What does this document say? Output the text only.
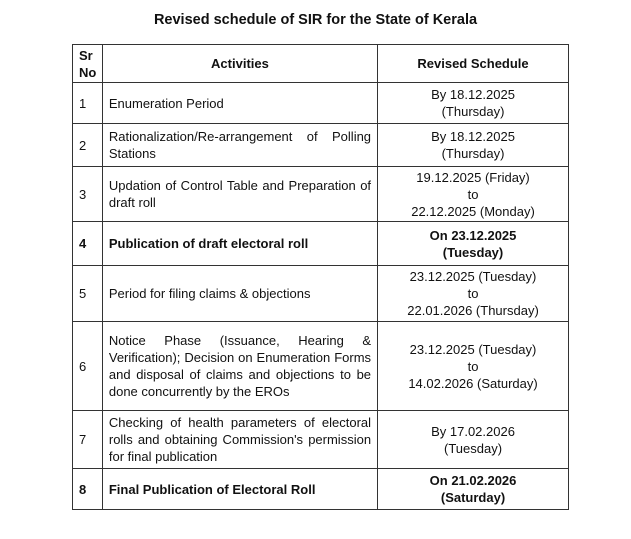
Revised schedule of SIR for the State of Kerala
Sr
No	Activities	Revised Schedule
1	Enumeration Period	By 18.12.2025
(Thursday)

2	Rationalization/Re-arrangement of Polling Stations	By 18.12.2025
(Thursday)

3	Updation of Control Table and Preparation of draft roll	19.12.2025 (Friday)
to
22.12.2025 (Monday)

4	Publication of draft electoral roll	On 23.12.2025
(Tuesday)

5	Period for filing claims & objections	23.12.2025 (Tuesday)
to
22.01.2026 (Thursday)

6	Notice Phase (Issuance, Hearing & Verification); Decision on Enumeration Forms and disposal of claims and objections to be done concurrently by the EROs	23.12.2025 (Tuesday)
to
14.02.2026 (Saturday)

7	Checking of health parameters of electoral rolls and obtaining Commission's permission for final publication	By 17.02.2026
(Tuesday)

8	Final Publication of Electoral Roll	On 21.02.2026
(Saturday)
